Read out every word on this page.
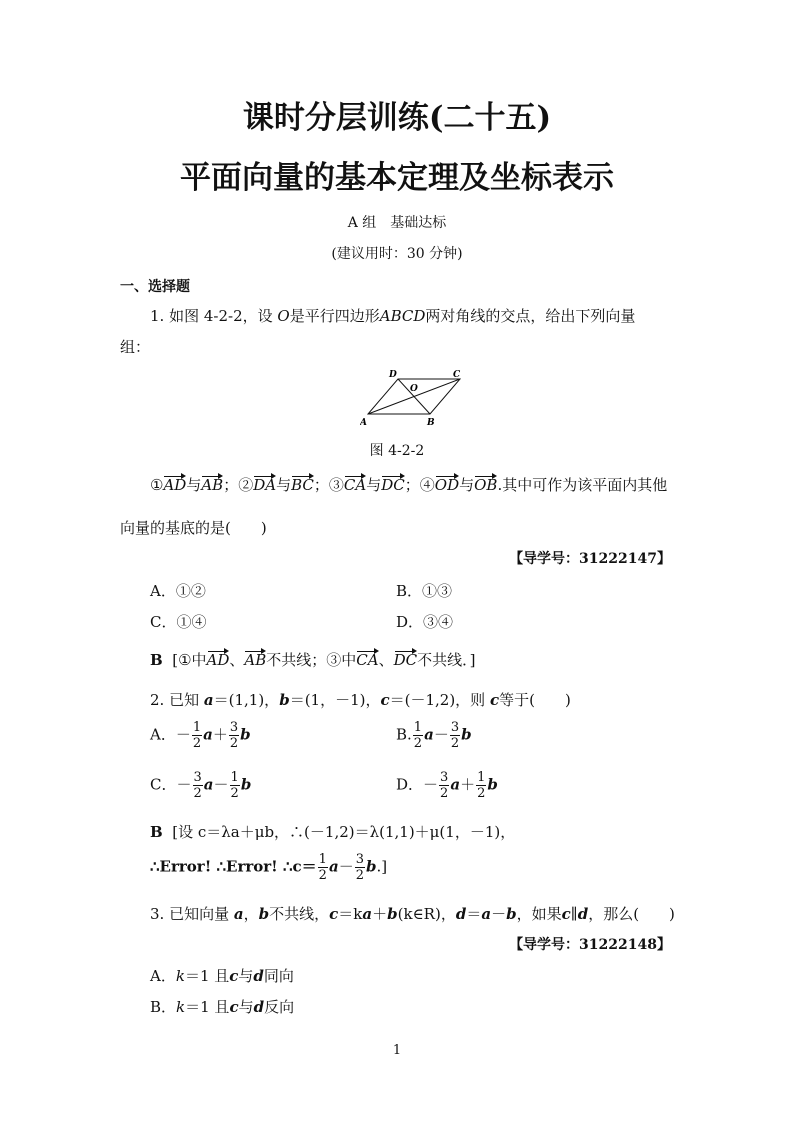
课时分层训练(二十五)
平面向量的基本定理及坐标表示
A 组　基础达标
(建议用时：30 分钟)
一、选择题
1. 如图 4-2-2，设 O是平行四边形ABCD两对角线的交点，给出下列向量
组：
A	B
C
D
O
图 4-2-2
①AD与AB；②DA与BC；③CA与DC；④OD与OB.其中可作为该平面内其他
向量的基底的是(　　)
【导学号：31222147】
A．①②	B．①③
C．①④	D．③④
B [①中AD、AB不共线；③中CA、DC不共线．]
2. 已知 a＝(1,1)，b＝(1，－1)，c＝(－1,2)，则 c等于(　　)
A．－ $\frac{1}{2} a+ \frac{3}{2}$ b	B. $\frac{1}{2} a- \frac{3}{2}$ b
C．－ $\frac{3}{2} a- \frac{1}{2}$ b	D．－ $\frac{3}{2} a+ \frac{1}{2}$ b
B [设 c＝λa＋μb，∴(－1,2)＝λ(1,1)＋μ(1，－1)，
∴Error! ∴Error! ∴c＝ $\frac{1}{2} a- \frac{3}{2} b$.]
3. 已知向量 a，b不共线，c＝ka＋b(k∈R)，d＝a－b，如果c∥d，那么(　　)
【导学号：31222148】
A．k＝1 且c与d同向
B．k＝1 且c与d反向
1
